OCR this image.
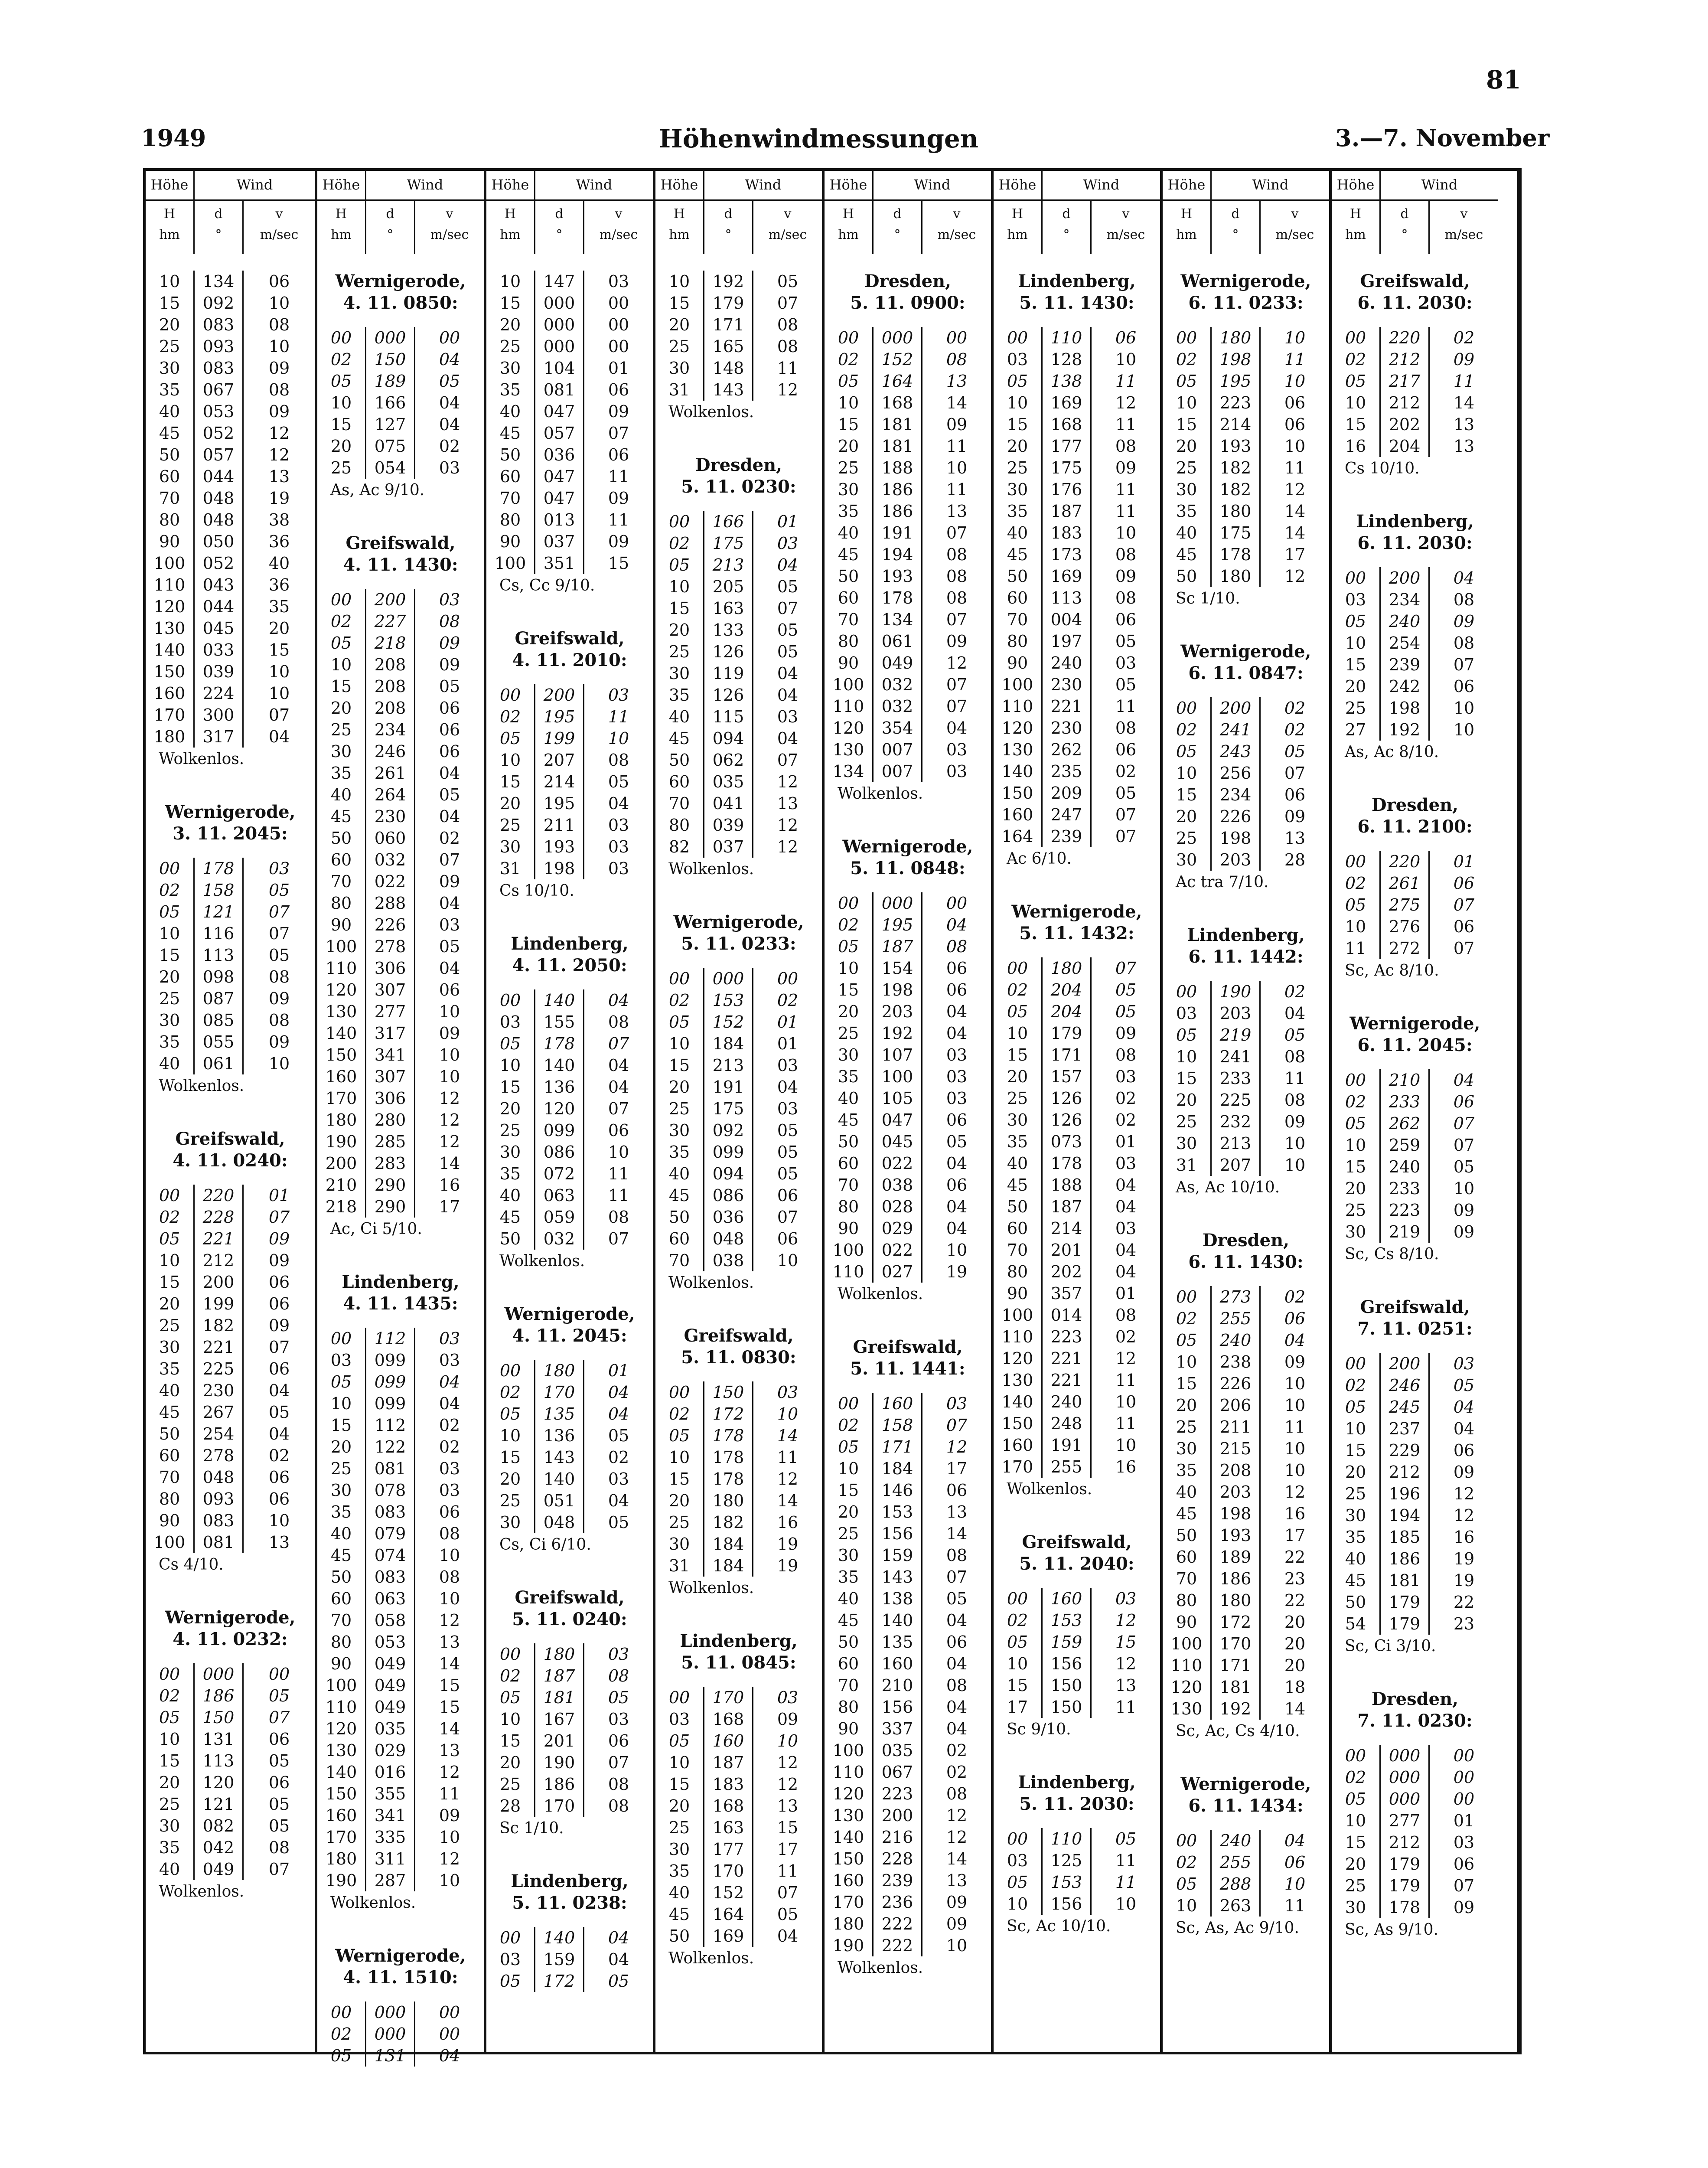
81
1949	Höhenwindmessungen	3.—7. November
Höhe	Wind
H
hm
d
°
v
m/sec
10	134	06
15	092	10
20	083	08
25	093	10
30	083	09
35	067	08
40	053	09
45	052	12
50	057	12
60	044	13
70	048	19
80	048	38
90	050	36
100	052	40
110	043	36
120	044	35
130	045	20
140	033	15
150	039	10
160	224	10
170	300	07
180	317	04
Wolkenlos.
Wernigerode,
3. 11. 2045:
00	178	03
02	158	05
05	121	07
10	116	07
15	113	05
20	098	08
25	087	09
30	085	08
35	055	09
40	061	10
Wolkenlos.
Greifswald,
4. 11. 0240:
00	220	01
02	228	07
05	221	09
10	212	09
15	200	06
20	199	06
25	182	09
30	221	07
35	225	06
40	230	04
45	267	05
50	254	04
60	278	02
70	048	06
80	093	06
90	083	10
100	081	13
Cs 4/10.
Wernigerode,
4. 11. 0232:
00	000	00
02	186	05
05	150	07
10	131	06
15	113	05
20	120	06
25	121	05
30	082	05
35	042	08
40	049	07
Wolkenlos.
Höhe	Wind
H
hm
d
°
v
m/sec
Wernigerode,
4. 11. 0850:
00	000	00
02	150	04
05	189	05
10	166	04
15	127	04
20	075	02
25	054	03
As, Ac 9/10.
Greifswald,
4. 11. 1430:
00	200	03
02	227	08
05	218	09
10	208	09
15	208	05
20	208	06
25	234	06
30	246	06
35	261	04
40	264	05
45	230	04
50	060	02
60	032	07
70	022	09
80	288	04
90	226	03
100	278	05
110	306	04
120	307	06
130	277	10
140	317	09
150	341	10
160	307	10
170	306	12
180	280	12
190	285	12
200	283	14
210	290	16
218	290	17
Ac, Ci 5/10.
Lindenberg,
4. 11. 1435:
00	112	03
03	099	03
05	099	04
10	099	04
15	112	02
20	122	02
25	081	03
30	078	03
35	083	06
40	079	08
45	074	10
50	083	08
60	063	10
70	058	12
80	053	13
90	049	14
100	049	15
110	049	15
120	035	14
130	029	13
140	016	12
150	355	11
160	341	09
170	335	10
180	311	12
190	287	10
Wolkenlos.
Wernigerode,
4. 11. 1510:
00	000	00
02	000	00
05	131	04
Höhe	Wind
H
hm
d
°
v
m/sec
10	147	03
15	000	00
20	000	00
25	000	00
30	104	01
35	081	06
40	047	09
45	057	07
50	036	06
60	047	11
70	047	09
80	013	11
90	037	09
100	351	15
Cs, Cc 9/10.
Greifswald,
4. 11. 2010:
00	200	03
02	195	11
05	199	10
10	207	08
15	214	05
20	195	04
25	211	03
30	193	03
31	198	03
Cs 10/10.
Lindenberg,
4. 11. 2050:
00	140	04
03	155	08
05	178	07
10	140	04
15	136	04
20	120	07
25	099	06
30	086	10
35	072	11
40	063	11
45	059	08
50	032	07
Wolkenlos.
Wernigerode,
4. 11. 2045:
00	180	01
02	170	04
05	135	04
10	136	05
15	143	02
20	140	03
25	051	04
30	048	05
Cs, Ci 6/10.
Greifswald,
5. 11. 0240:
00	180	03
02	187	08
05	181	05
10	167	03
15	201	06
20	190	07
25	186	08
28	170	08
Sc 1/10.
Lindenberg,
5. 11. 0238:
00	140	04
03	159	04
05	172	05
Höhe	Wind
H
hm
d
°
v
m/sec
10	192	05
15	179	07
20	171	08
25	165	08
30	148	11
31	143	12
Wolkenlos.
Dresden,
5. 11. 0230:
00	166	01
02	175	03
05	213	04
10	205	05
15	163	07
20	133	05
25	126	05
30	119	04
35	126	04
40	115	03
45	094	04
50	062	07
60	035	12
70	041	13
80	039	12
82	037	12
Wolkenlos.
Wernigerode,
5. 11. 0233:
00	000	00
02	153	02
05	152	01
10	184	01
15	213	03
20	191	04
25	175	03
30	092	05
35	099	05
40	094	05
45	086	06
50	036	07
60	048	06
70	038	10
Wolkenlos.
Greifswald,
5. 11. 0830:
00	150	03
02	172	10
05	178	14
10	178	11
15	178	12
20	180	14
25	182	16
30	184	19
31	184	19
Wolkenlos.
Lindenberg,
5. 11. 0845:
00	170	03
03	168	09
05	160	10
10	187	12
15	183	12
20	168	13
25	163	15
30	177	17
35	170	11
40	152	07
45	164	05
50	169	04
Wolkenlos.
Höhe	Wind
H
hm
d
°
v
m/sec
Dresden,
5. 11. 0900:
00	000	00
02	152	08
05	164	13
10	168	14
15	181	09
20	181	11
25	188	10
30	186	11
35	186	13
40	191	07
45	194	08
50	193	08
60	178	08
70	134	07
80	061	09
90	049	12
100	032	07
110	032	07
120	354	04
130	007	03
134	007	03
Wolkenlos.
Wernigerode,
5. 11. 0848:
00	000	00
02	195	04
05	187	08
10	154	06
15	198	06
20	203	04
25	192	04
30	107	03
35	100	03
40	105	03
45	047	06
50	045	05
60	022	04
70	038	06
80	028	04
90	029	04
100	022	10
110	027	19
Wolkenlos.
Greifswald,
5. 11. 1441:
00	160	03
02	158	07
05	171	12
10	184	17
15	146	06
20	153	13
25	156	14
30	159	08
35	143	07
40	138	05
45	140	04
50	135	06
60	160	04
70	210	08
80	156	04
90	337	04
100	035	02
110	067	02
120	223	08
130	200	12
140	216	12
150	228	14
160	239	13
170	236	09
180	222	09
190	222	10
Wolkenlos.
Höhe	Wind
H
hm
d
°
v
m/sec
Lindenberg,
5. 11. 1430:
00	110	06
03	128	10
05	138	11
10	169	12
15	168	11
20	177	08
25	175	09
30	176	11
35	187	11
40	183	10
45	173	08
50	169	09
60	113	08
70	004	06
80	197	05
90	240	03
100	230	05
110	221	11
120	230	08
130	262	06
140	235	02
150	209	05
160	247	07
164	239	07
Ac 6/10.
Wernigerode,
5. 11. 1432:
00	180	07
02	204	05
05	204	05
10	179	09
15	171	08
20	157	03
25	126	02
30	126	02
35	073	01
40	178	03
45	188	04
50	187	04
60	214	03
70	201	04
80	202	04
90	357	01
100	014	08
110	223	02
120	221	12
130	221	11
140	240	10
150	248	11
160	191	10
170	255	16
Wolkenlos.
Greifswald,
5. 11. 2040:
00	160	03
02	153	12
05	159	15
10	156	12
15	150	13
17	150	11
Sc 9/10.
Lindenberg,
5. 11. 2030:
00	110	05
03	125	11
05	153	11
10	156	10
Sc, Ac 10/10.
Höhe	Wind
H
hm
d
°
v
m/sec
Wernigerode,
6. 11. 0233:
00	180	10
02	198	11
05	195	10
10	223	06
15	214	06
20	193	10
25	182	11
30	182	12
35	180	14
40	175	14
45	178	17
50	180	12
Sc 1/10.
Wernigerode,
6. 11. 0847:
00	200	02
02	241	02
05	243	05
10	256	07
15	234	06
20	226	09
25	198	13
30	203	28
Ac tra 7/10.
Lindenberg,
6. 11. 1442:
00	190	02
03	203	04
05	219	05
10	241	08
15	233	11
20	225	08
25	232	09
30	213	10
31	207	10
As, Ac 10/10.
Dresden,
6. 11. 1430:
00	273	02
02	255	06
05	240	04
10	238	09
15	226	10
20	206	10
25	211	11
30	215	10
35	208	10
40	203	12
45	198	16
50	193	17
60	189	22
70	186	23
80	180	22
90	172	20
100	170	20
110	171	20
120	181	18
130	192	14
Sc, Ac, Cs 4/10.
Wernigerode,
6. 11. 1434:
00	240	04
02	255	06
05	288	10
10	263	11
Sc, As, Ac 9/10.
Höhe	Wind
H
hm
d
°
v
m/sec
Greifswald,
6. 11. 2030:
00	220	02
02	212	09
05	217	11
10	212	14
15	202	13
16	204	13
Cs 10/10.
Lindenberg,
6. 11. 2030:
00	200	04
03	234	08
05	240	09
10	254	08
15	239	07
20	242	06
25	198	10
27	192	10
As, Ac 8/10.
Dresden,
6. 11. 2100:
00	220	01
02	261	06
05	275	07
10	276	06
11	272	07
Sc, Ac 8/10.
Wernigerode,
6. 11. 2045:
00	210	04
02	233	06
05	262	07
10	259	07
15	240	05
20	233	10
25	223	09
30	219	09
Sc, Cs 8/10.
Greifswald,
7. 11. 0251:
00	200	03
02	246	05
05	245	04
10	237	04
15	229	06
20	212	09
25	196	12
30	194	12
35	185	16
40	186	19
45	181	19
50	179	22
54	179	23
Sc, Ci 3/10.
Dresden,
7. 11. 0230:
00	000	00
02	000	00
05	000	00
10	277	01
15	212	03
20	179	06
25	179	07
30	178	09
Sc, As 9/10.
